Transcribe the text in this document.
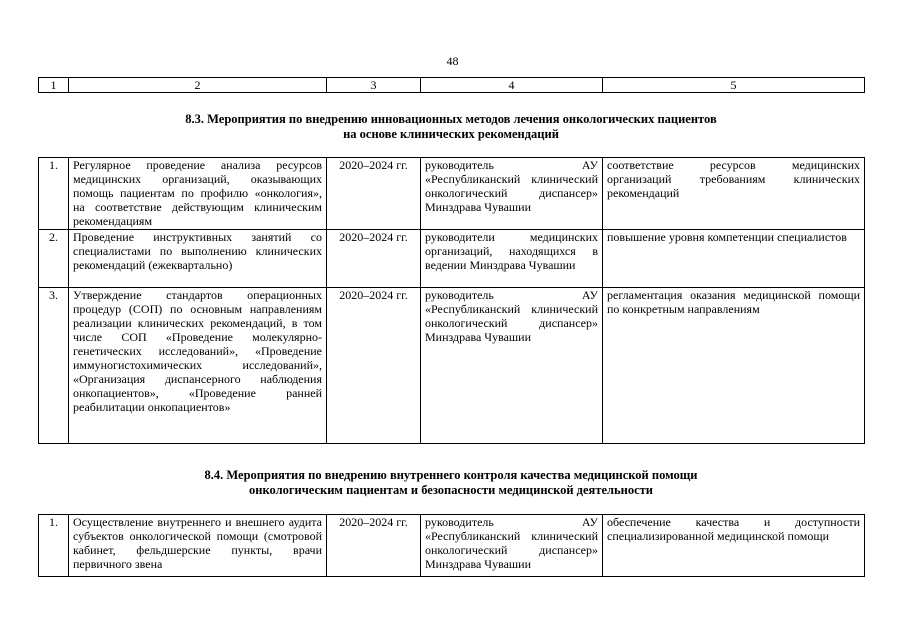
48
1	2	3	4	5
8.3. Мероприятия по внедрению инновационных методов лечения онкологических пациентов
на основе клинических рекомендаций
1.	Регулярное проведение анализа ресурсов медицинских организаций, оказывающих помощь пациентам по профилю «онкология», на соответствие действующим клиническим рекомендациям	2020–2024 гг.	руководитель АУ «Республиканский клинический онкологический диспансер» Минздрава Чувашии	соответствие ресурсов медицинских организаций требованиям клинических рекомендаций
2.	Проведение инструктивных занятий со специалистами по выполнению клинических рекомендаций (ежеквартально)	2020–2024 гг.	руководители медицинских организаций, находящихся в ведении Минздрава Чувашии	повышение уровня компетенции специалистов
3.	Утверждение стандартов операционных процедур (СОП) по основным направлениям реализации клинических рекомендаций, в том числе СОП «Проведение молекулярно-генетических исследований», «Проведение иммуногистохимических исследований», «Организация диспансерного наблюдения онкопациентов», «Проведение ранней реабилитации онкопациентов»	2020–2024 гг.	руководитель АУ «Республиканский клинический онкологический диспансер» Минздрава Чувашии	регламентация оказания медицинской помощи по конкретным направлениям
8.4. Мероприятия по внедрению внутреннего контроля качества медицинской помощи
онкологическим пациентам и безопасности медицинской деятельности
1.	Осуществление внутреннего и внешнего аудита субъектов онкологической помощи (смотровой кабинет, фельдшерские пункты, врачи первичного звена	2020–2024 гг.	руководитель АУ «Республиканский клинический онкологический диспансер» Минздрава Чувашии	обеспечение качества и доступности специализированной медицинской помощи
